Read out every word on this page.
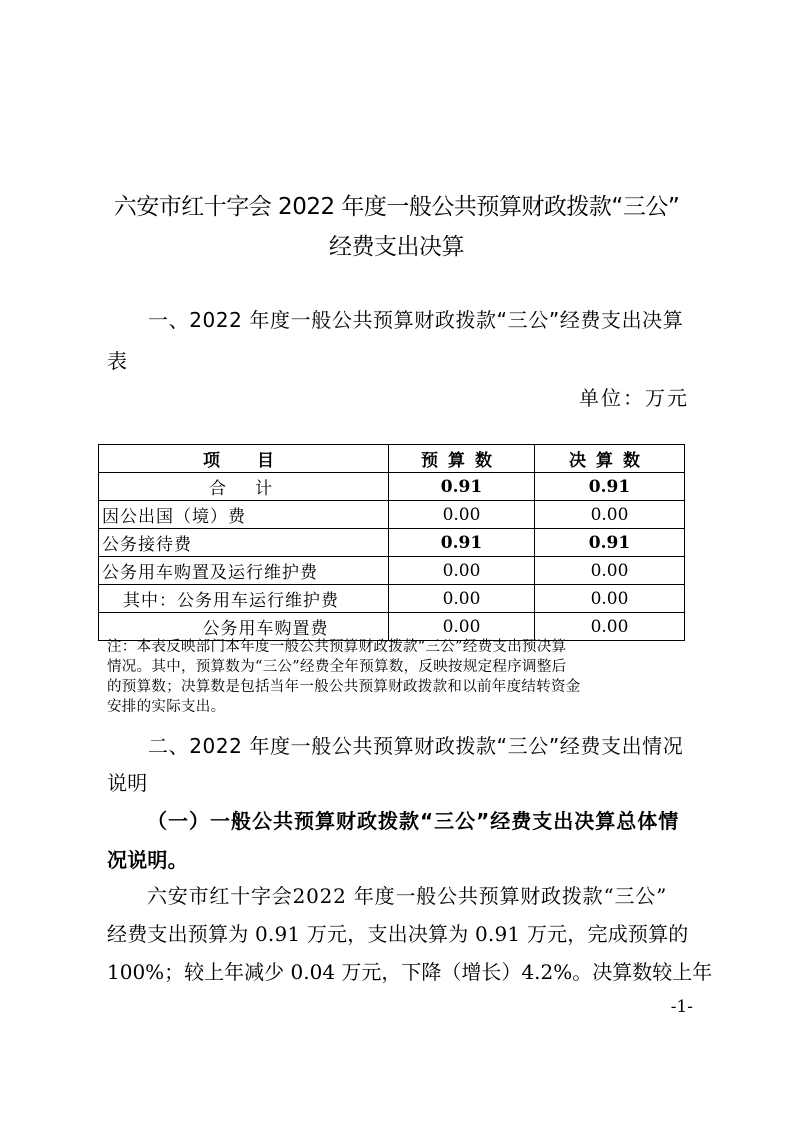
六安市红十字会 2022 年度一般公共预算财政拨款“三公”
经费支出决算
一、2022 年度一般公共预算财政拨款“三公”经费支出决算
表
单位：万元
项　目	预算数	决算数
合　计	0.91	0.91
因公出国（境）费	0.00	0.00
公务接待费	0.91	0.91
公务用车购置及运行维护费	0.00	0.00
其中：公务用车运行维护费	0.00	0.00
公务用车购置费	0.00	0.00
注：本表反映部门本年度一般公共预算财政拨款“三公”经费支出预决算
情况。其中，预算数为“三公”经费全年预算数，反映按规定程序调整后
的预算数；决算数是包括当年一般公共预算财政拨款和以前年度结转资金
安排的实际支出。
二、2022 年度一般公共预算财政拨款“三公”经费支出情况
说明
（一）一般公共预算财政拨款“三公”经费支出决算总体情
况说明。
六安市红十字会2022 年度一般公共预算财政拨款“三公”
经费支出预算为 0.91 万元，支出决算为 0.91 万元，完成预算的
100%；较上年减少 0.04 万元，下降（增长）4.2%。决算数较上年
-1-
